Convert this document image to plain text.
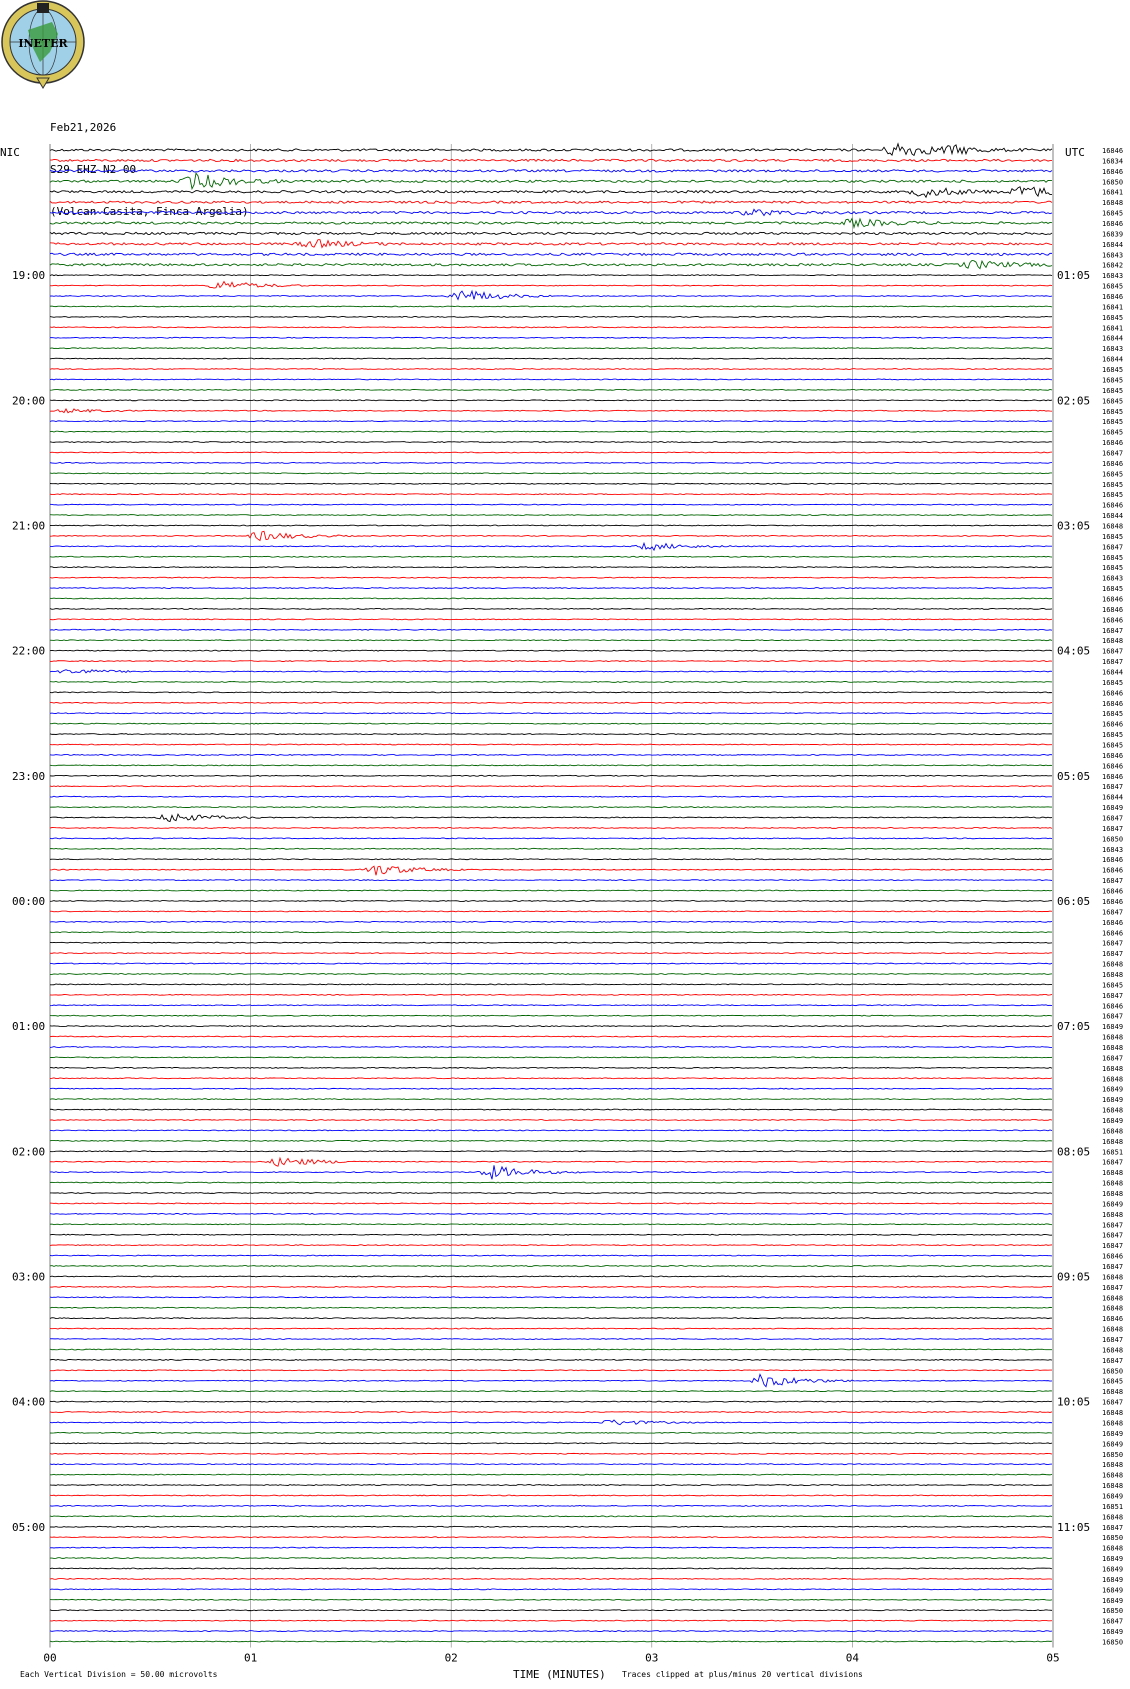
Feb21,2026

S29 EHZ N2 00

(Volcan Casita, Finca Argelia)

INETER
NIC	UTC
19:00
20:00
21:00
22:00
23:00
00:00
01:00
02:00
03:00
04:00
05:00
01:05
02:05
03:05
04:05
05:05
06:05
07:05
08:05
09:05
10:05
11:05
16846
16834
16846
16850
16841
16848
16845
16846
16839
16844
16843
16842
16843
16845
16846
16841
16845
16841
16844
16843
16844
16845
16845
16845
16845
16845
16845
16845
16846
16847
16846
16845
16845
16845
16846
16844
16848
16845
16847
16845
16845
16843
16845
16846
16846
16846
16847
16848
16847
16847
16844
16845
16846
16846
16845
16846
16845
16845
16846
16846
16846
16847
16844
16849
16847
16847
16850
16843
16846
16846
16847
16846
16846
16847
16846
16846
16847
16847
16848
16848
16845
16847
16846
16847
16849
16848
16848
16847
16848
16848
16849
16849
16848
16849
16848
16848
16851
16847
16848
16848
16848
16849
16848
16847
16847
16847
16846
16847
16848
16847
16848
16848
16846
16848
16847
16848
16847
16850
16845
16848
16847
16848
16848
16849
16849
16850
16848
16848
16848
16849
16851
16848
16847
16850
16848
16849
16849
16849
16849
16849
16850
16847
16849
16850
00	01	02	03	04	05
Each Vertical Division = 50.00 microvolts	TIME (MINUTES) Traces clipped at plus/minus 20 vertical divisions
